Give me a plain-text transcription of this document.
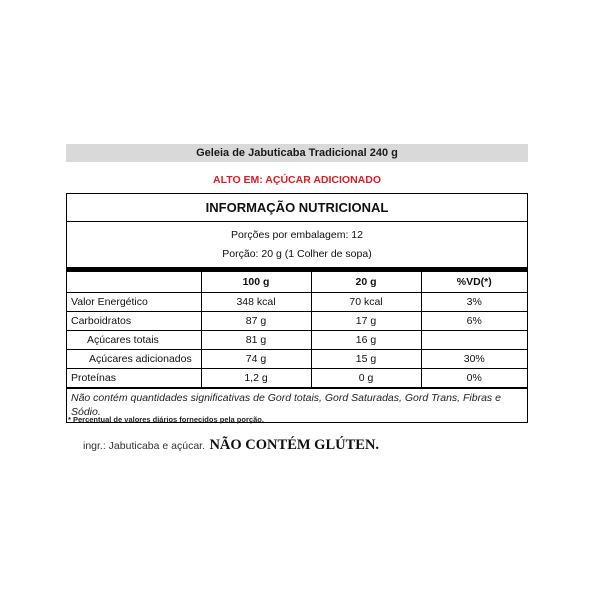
Geleia de Jabuticaba Tradicional 240 g
ALTO EM: AÇÚCAR ADICIONADO
INFORMAÇÃO NUTRICIONAL
Porções por embalagem: 12
Porção: 20 g (1 Colher de sopa)
	100 g	20 g	%VD(*)
Valor Energético	348 kcal	70 kcal	3%
Carboidratos	87 g	17 g	6%
Açúcares totais	81 g	16 g	
Açúcares adicionados	74 g	15 g	30%
Proteínas	1,2 g	0 g	0%
Não contém quantidades significativas de Gord totais, Gord Saturadas, Gord Trans, Fibras e Sódio.
* Percentual de valores diários fornecidos pela porção.
ingr.: Jabuticaba e açúcar. NÃO CONTÉM GLÚTEN.
